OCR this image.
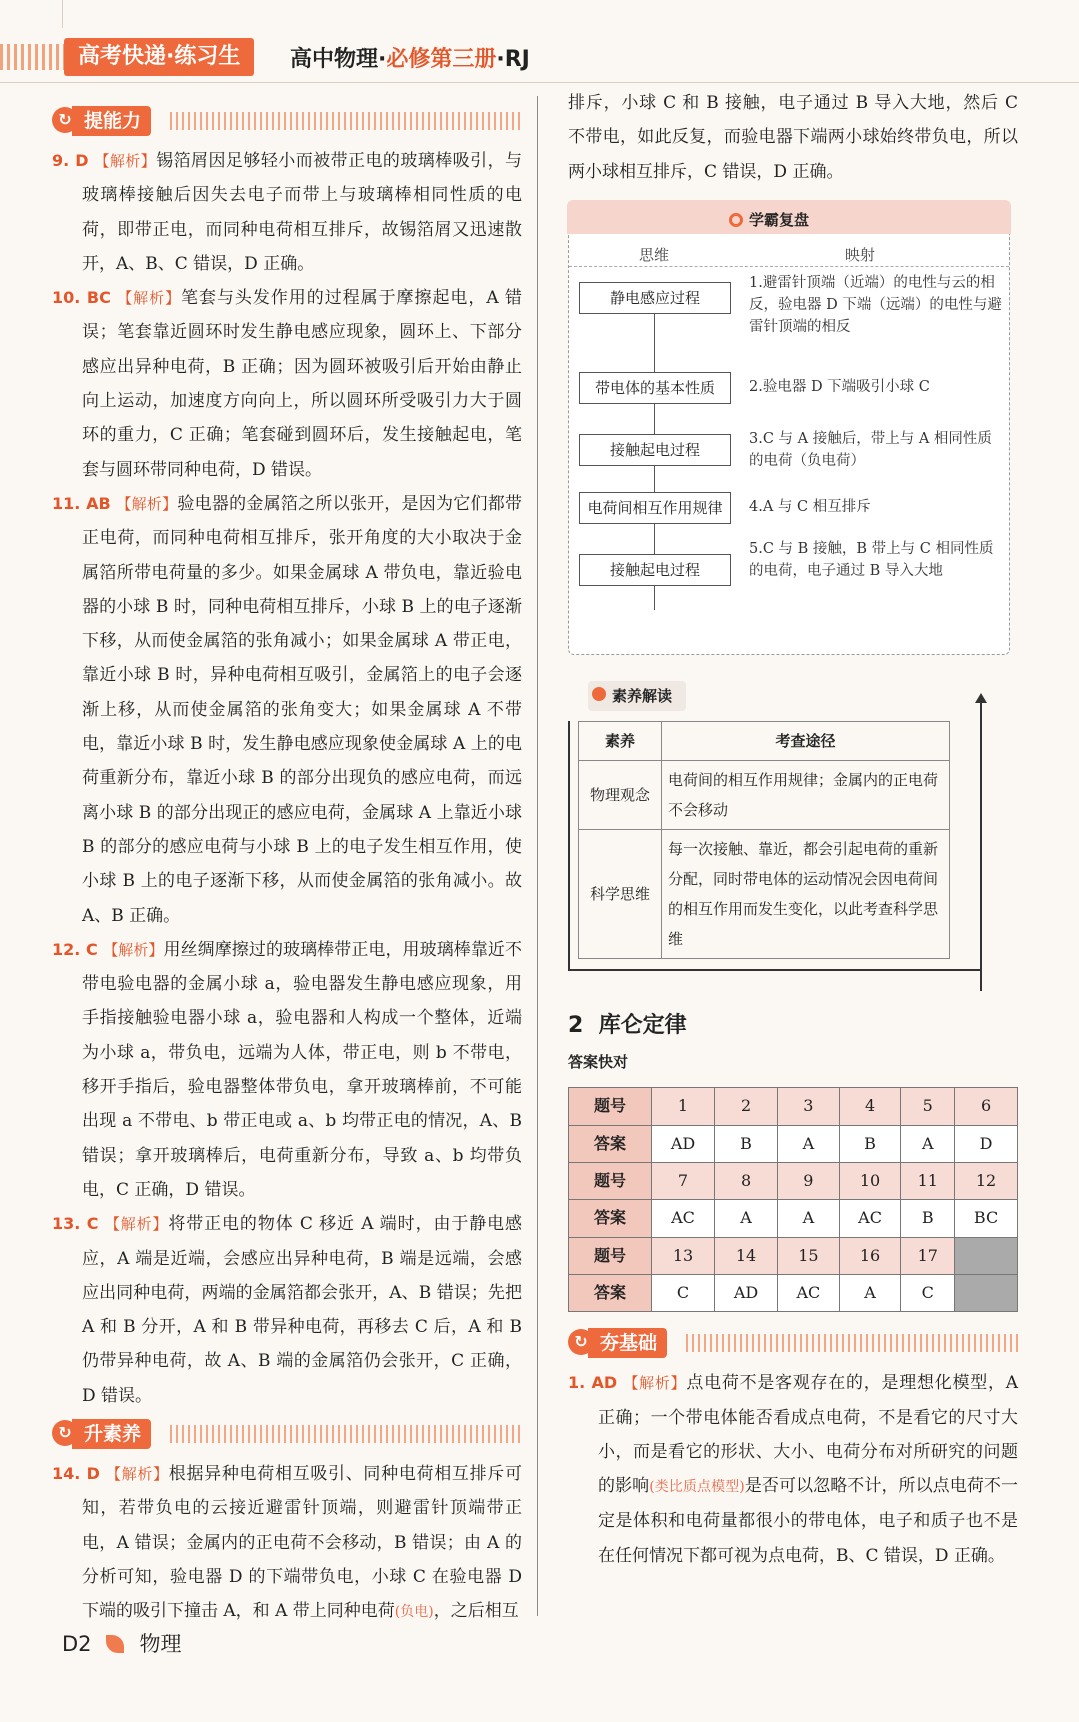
高考快递·练习生	高中物理·必修第三册·RJ
↻ 提能力

9. D 【解析】锡箔屑因足够轻小而被带正电的玻璃棒吸引，与玻璃棒接触后因失去电子而带上与玻璃棒相同性质的电荷，即带正电，而同种电荷相互排斥，故锡箔屑又迅速散开，A、B、C 错误，D 正确。

10. BC 【解析】笔套与头发作用的过程属于摩擦起电，A 错误；笔套靠近圆环时发生静电感应现象，圆环上、下部分感应出异种电荷，B 正确；因为圆环被吸引后开始由静止向上运动，加速度方向向上，所以圆环所受吸引力大于圆环的重力，C 正确；笔套碰到圆环后，发生接触起电，笔套与圆环带同种电荷，D 错误。

11. AB 【解析】验电器的金属箔之所以张开，是因为它们都带正电荷，而同种电荷相互排斥，张开角度的大小取决于金属箔所带电荷量的多少。如果金属球 A 带负电，靠近验电器的小球 B 时，同种电荷相互排斥，小球 B 上的电子逐渐下移，从而使金属箔的张角减小；如果金属球 A 带正电，靠近小球 B 时，异种电荷相互吸引，金属箔上的电子会逐渐上移，从而使金属箔的张角变大；如果金属球 A 不带电，靠近小球 B 时，发生静电感应现象使金属球 A 上的电荷重新分布，靠近小球 B 的部分出现负的感应电荷，而远离小球 B 的部分出现正的感应电荷，金属球 A 上靠近小球 B 的部分的感应电荷与小球 B 上的电子发生相互作用，使小球 B 上的电子逐渐下移，从而使金属箔的张角减小。故 A、B 正确。

12. C 【解析】用丝绸摩擦过的玻璃棒带正电，用玻璃棒靠近不带电验电器的金属小球 a，验电器发生静电感应现象，用手指接触验电器小球 a，验电器和人构成一个整体，近端为小球 a，带负电，远端为人体，带正电，则 b 不带电，移开手指后，验电器整体带负电，拿开玻璃棒前，不可能出现 a 不带电、b 带正电或 a、b 均带正电的情况，A、B 错误；拿开玻璃棒后，电荷重新分布，导致 a、b 均带负电，C 正确，D 错误。

13. C 【解析】将带正电的物体 C 移近 A 端时，由于静电感应，A 端是近端，会感应出异种电荷，B 端是远端，会感应出同种电荷，两端的金属箔都会张开，A、B 错误；先把 A 和 B 分开，A 和 B 带异种电荷，再移去 C 后，A 和 B 仍带异种电荷，故 A、B 端的金属箔仍会张开，C 正确，D 错误。

↻ 升素养

14. D 【解析】根据异种电荷相互吸引、同种电荷相互排斥可知，若带负电的云接近避雷针顶端，则避雷针顶端带正电，A 错误；金属内的正电荷不会移动，B 错误；由 A 的分析可知，验电器 D 的下端带负电，小球 C 在验电器 D 下端的吸引下撞击 A，和 A 带上同种电荷(负电)，之后相互

排斥，小球 C 和 B 接触，电子通过 B 导入大地，然后 C 不带电，如此反复，而验电器下端两小球始终带负电，所以两小球相互排斥，C 错误，D 正确。

学霸复盘
思维	映射
静电感应过程
带电体的基本性质
接触起电过程
电荷间相互作用规律
接触起电过程
1.避雷针顶端（近端）的电性与云的相反，验电器 D 下端（远端）的电性与避雷针顶端的相反
2.验电器 D 下端吸引小球 C
3.C 与 A 接触后，带上与 A 相同性质的电荷（负电荷）
4.A 与 C 相互排斥
5.C 与 B 接触，B 带上与 C 相同性质的电荷，电子通过 B 导入大地
素养解读
素养	考查途径
物理观念	电荷间的相互作用规律；金属内的正电荷不会移动
科学思维	每一次接触、靠近，都会引起电荷的重新分配，同时带电体的运动情况会因电荷间的相互作用而发生变化，以此考查科学思维
2 库仑定律
答案快对
题号	1	2	3	4	5	6
答案	AD	B	A	B	A	D
题号	7	8	9	10	11	12
答案	AC	A	A	AC	B	BC
题号	13	14	15	16	17	
答案	C	AD	AC	A	C	
↻ 夯基础

1. AD 【解析】点电荷不是客观存在的，是理想化模型，A 正确；一个带电体能否看成点电荷，不是看它的尺寸大小，而是看它的形状、大小、电荷分布对所研究的问题的影响(类比质点模型)是否可以忽略不计，所以点电荷不一定是体积和电荷量都很小的带电体，电子和质子也不是在任何情况下都可视为点电荷，B、C 错误，D 正确。

D2 物理
